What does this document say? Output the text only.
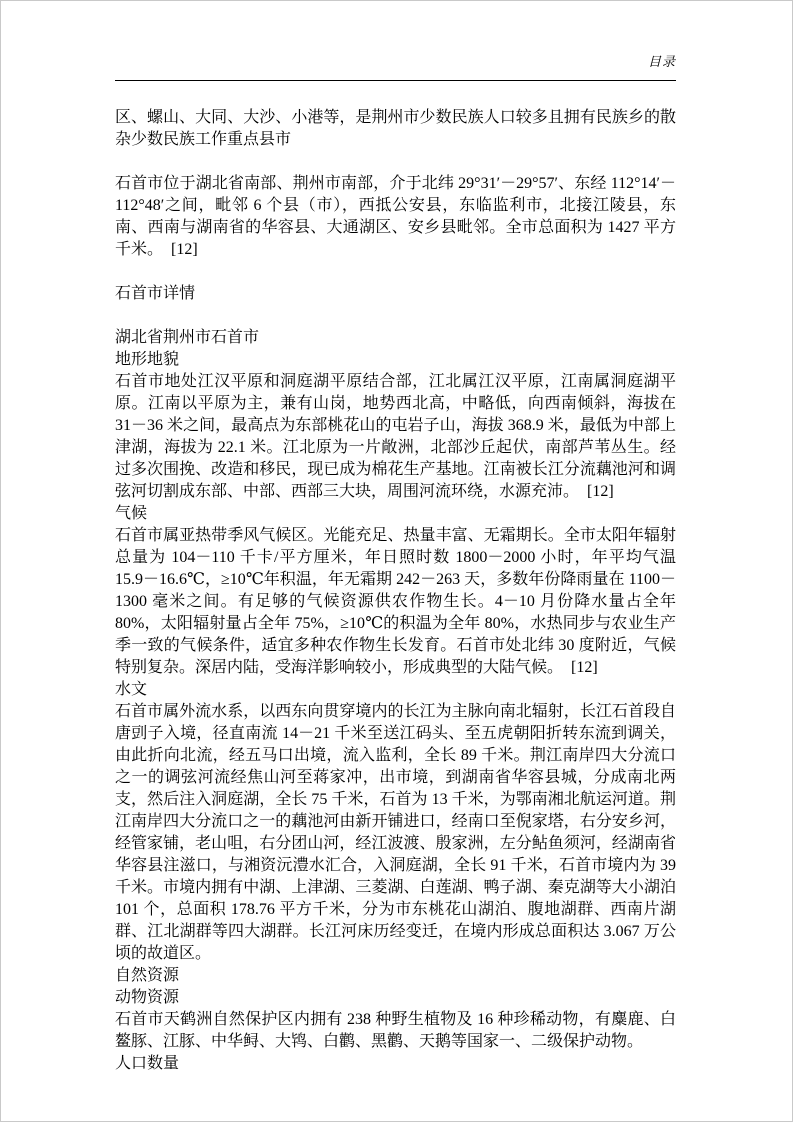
目录

区、螺山、大同、大沙、小港等，是荆州市少数民族人口较多且拥有民族乡的散杂少数民族工作重点县市

石首市位于湖北省南部、荆州市南部，介于北纬 29°31′－29°57′、东经 112°14′－112°48′之间，毗邻 6 个县（市），西抵公安县，东临监利市，北接江陵县，东南、西南与湖南省的华容县、大通湖区、安乡县毗邻。全市总面积为 1427 平方千米。　[12]

石首市详情

湖北省荆州市石首市

地形地貌

石首市地处江汉平原和洞庭湖平原结合部，江北属江汉平原，江南属洞庭湖平原。江南以平原为主，兼有山岗，地势西北高，中略低，向西南倾斜，海拔在 31－36 米之间，最高点为东部桃花山的屯岩子山，海拔 368.9 米，最低为中部上津湖，海拔为 22.1 米。江北原为一片敞洲，北部沙丘起伏，南部芦苇丛生。经过多次围挽、改造和移民，现已成为棉花生产基地。江南被长江分流藕池河和调弦河切割成东部、中部、西部三大块，周围河流环绕，水源充沛。　[12]

气候

石首市属亚热带季风气候区。光能充足、热量丰富、无霜期长。全市太阳年辐射总量为 104－110 千卡/平方厘米，年日照时数 1800－2000 小时，年平均气温 15.9－16.6℃，≥10℃年积温，年无霜期 242－263 天，多数年份降雨量在 1100－1300 毫米之间。有足够的气候资源供农作物生长。4－10 月份降水量占全年 80%，太阳辐射量占全年 75%，≥10℃的积温为全年 80%，水热同步与农业生产季一致的气候条件，适宜多种农作物生长发育。石首市处北纬 30 度附近，气候特别复杂。深居内陆，受海洋影响较小，形成典型的大陆气候。　[12]

水文

石首市属外流水系，以西东向贯穿境内的长江为主脉向南北辐射，长江石首段自唐剅子入境，径直南流 14－21 千米至送江码头、至五虎朝阳折转东流到调关，由此折向北流，经五马口出境，流入监利，全长 89 千米。荆江南岸四大分流口之一的调弦河流经焦山河至蒋家冲，出市境，到湖南省华容县城，分成南北两支，然后注入洞庭湖，全长 75 千米，石首为 13 千米，为鄂南湘北航运河道。荆江南岸四大分流口之一的藕池河由新开铺进口，经南口至倪家塔，右分安乡河，经管家铺，老山咀，右分团山河，经江波渡、殷家洲，左分鲇鱼须河，经湖南省华容县注滋口，与湘资沅澧水汇合，入洞庭湖，全长 91 千米，石首市境内为 39 千米。市境内拥有中湖、上津湖、三菱湖、白莲湖、鸭子湖、秦克湖等大小湖泊 101 个，总面积 178.76 平方千米，分为市东桃花山湖泊、腹地湖群、西南片湖群、江北湖群等四大湖群。长江河床历经变迁，在境内形成总面积达 3.067 万公顷的故道区。

自然资源

动物资源

石首市天鹤洲自然保护区内拥有 238 种野生植物及 16 种珍稀动物，有麋鹿、白鳌豚、江豚、中华鲟、大鸨、白鹳、黑鹳、天鹅等国家一、二级保护动物。

人口数量
